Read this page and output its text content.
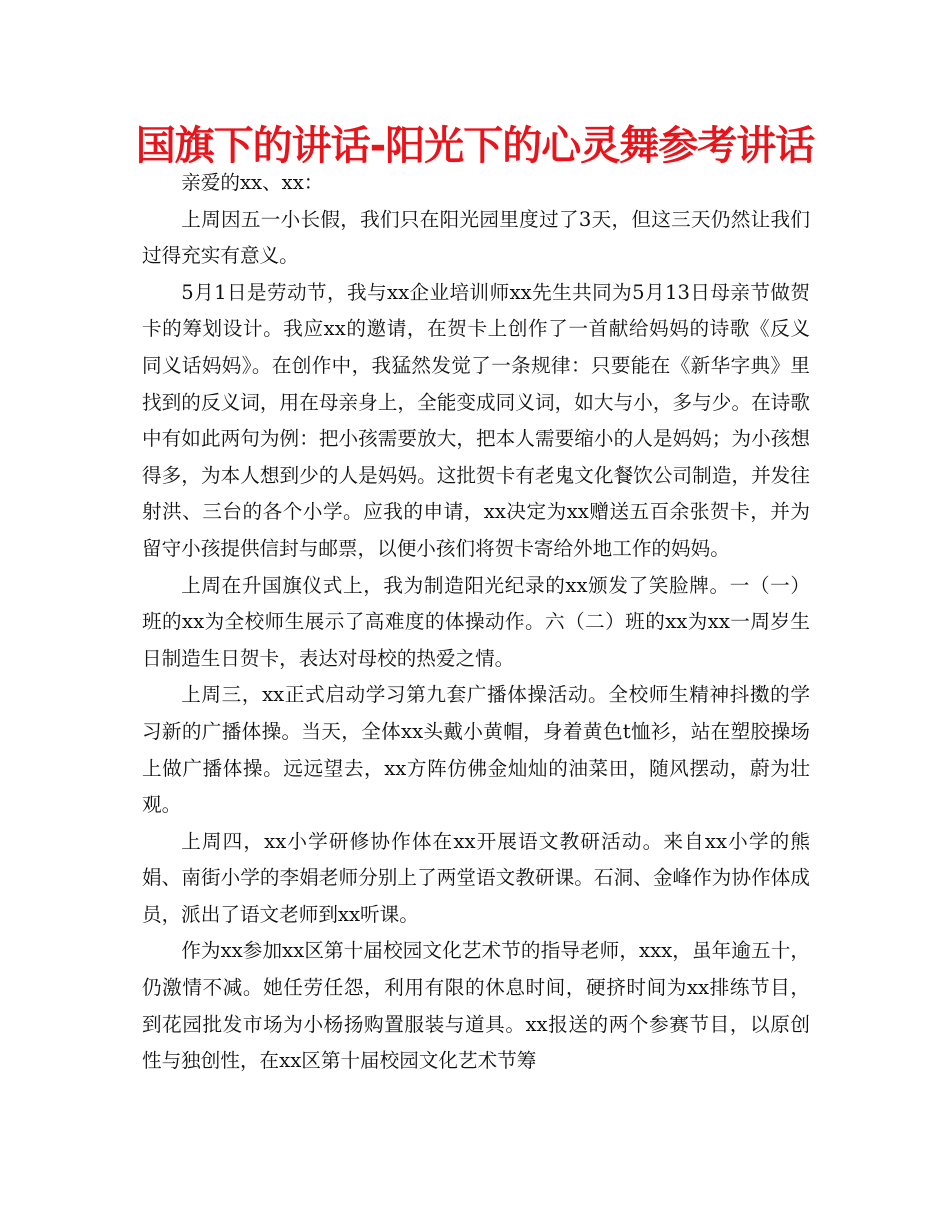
国旗下的讲话-阳光下的心灵舞参考讲话

亲爱的xx、xx：

上周因五一小长假，我们只在阳光园里度过了3天，但这三天仍然让我们过得充实有意义。

5月1日是劳动节，我与xx企业培训师xx先生共同为5月13日母亲节做贺卡的筹划设计。我应xx的邀请，在贺卡上创作了一首献给妈妈的诗歌《反义同义话妈妈》。在创作中，我猛然发觉了一条规律：只要能在《新华字典》里找到的反义词，用在母亲身上，全能变成同义词，如大与小，多与少。在诗歌中有如此两句为例：把小孩需要放大，把本人需要缩小的人是妈妈；为小孩想得多，为本人想到少的人是妈妈。这批贺卡有老鬼文化餐饮公司制造，并发往射洪、三台的各个小学。应我的申请，xx决定为xx赠送五百余张贺卡，并为留守小孩提供信封与邮票，以便小孩们将贺卡寄给外地工作的妈妈。

上周在升国旗仪式上，我为制造阳光纪录的xx颁发了笑脸牌。一（一）班的xx为全校师生展示了高难度的体操动作。六（二）班的xx为xx一周岁生日制造生日贺卡，表达对母校的热爱之情。

上周三，xx正式启动学习第九套广播体操活动。全校师生精神抖擞的学习新的广播体操。当天，全体xx头戴小黄帽，身着黄色t恤衫，站在塑胶操场上做广播体操。远远望去，xx方阵仿佛金灿灿的油菜田，随风摆动，蔚为壮观。

上周四，xx小学研修协作体在xx开展语文教研活动。来自xx小学的熊娟、南街小学的李娟老师分别上了两堂语文教研课。石洞、金峰作为协作体成员，派出了语文老师到xx听课。

作为xx参加xx区第十届校园文化艺术节的指导老师，xxx，虽年逾五十，仍激情不减。她任劳任怨，利用有限的休息时间，硬挤时间为xx排练节目，到花园批发市场为小杨扬购置服装与道具。xx报送的两个参赛节目，以原创性与独创性，在xx区第十届校园文化艺术节筹
